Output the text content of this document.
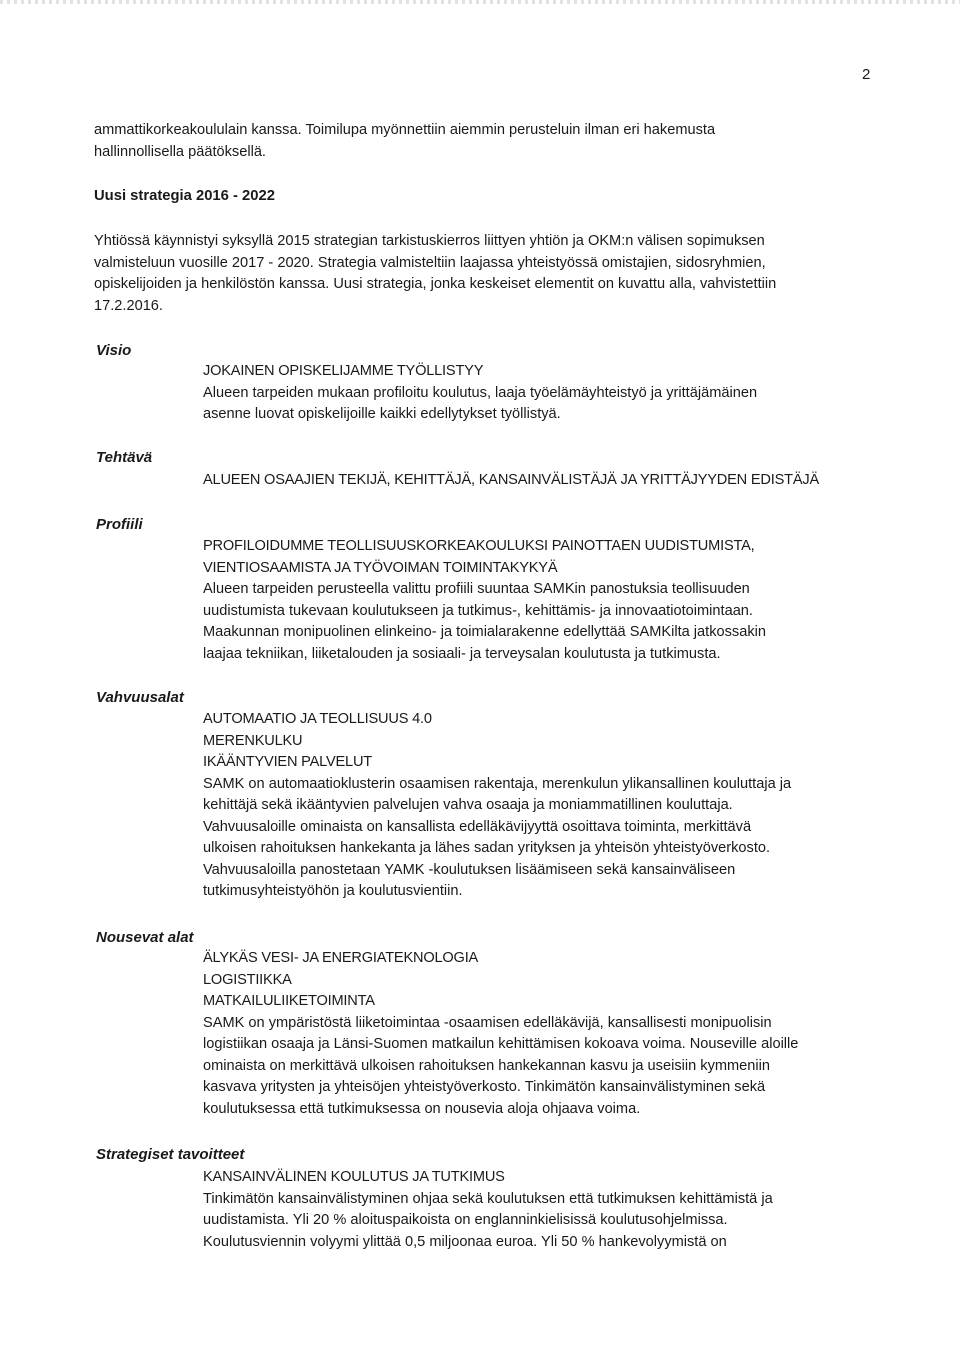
2

ammattikorkeakoululain kanssa. Toimilupa myönnettiin aiemmin perusteluin ilman eri hakemusta

hallinnollisella päätöksellä.

Uusi strategia 2016 - 2022

Yhtiössä käynnistyi syksyllä 2015 strategian tarkistuskierros liittyen yhtiön ja OKM:n välisen sopimuksen

valmisteluun vuosille 2017 - 2020. Strategia valmisteltiin laajassa yhteistyössä omistajien, sidosryhmien,

opiskelijoiden ja henkilöstön kanssa. Uusi strategia, jonka keskeiset elementit on kuvattu alla, vahvistettiin

17.2.2016.

Visio

JOKAINEN OPISKELIJAMME TYÖLLISTYY

Alueen tarpeiden mukaan profiloitu koulutus, laaja työelämäyhteistyö ja yrittäjämäinen

asenne luovat opiskelijoille kaikki edellytykset työllistyä.

Tehtävä

ALUEEN OSAAJIEN TEKIJÄ, KEHITTÄJÄ, KANSAINVÄLISTÄJÄ JA YRITTÄJYYDEN EDISTÄJÄ

Profiili

PROFILOIDUMME TEOLLISUUSKORKEAKOULUKSI PAINOTTAEN UUDISTUMISTA,

VIENTIOSAAMISTA JA TYÖVOIMAN TOIMINTAKYKYÄ

Alueen tarpeiden perusteella valittu profiili suuntaa SAMKin panostuksia teollisuuden

uudistumista tukevaan koulutukseen ja tutkimus-, kehittämis- ja innovaatiotoimintaan.

Maakunnan monipuolinen elinkeino- ja toimialarakenne edellyttää SAMKilta jatkossakin

laajaa tekniikan, liiketalouden ja sosiaali- ja terveysalan koulutusta ja tutkimusta.

Vahvuusalat

AUTOMAATIO JA TEOLLISUUS 4.0

MERENKULKU

IKÄÄNTYVIEN PALVELUT

SAMK on automaatioklusterin osaamisen rakentaja, merenkulun ylikansallinen kouluttaja ja

kehittäjä sekä ikääntyvien palvelujen vahva osaaja ja moniammatillinen kouluttaja.

Vahvuusaloille ominaista on kansallista edelläkävijyyttä osoittava toiminta, merkittävä

ulkoisen rahoituksen hankekanta ja lähes sadan yrityksen ja yhteisön yhteistyöverkosto.

Vahvuusaloilla panostetaan YAMK -koulutuksen lisäämiseen sekä kansainväliseen

tutkimusyhteistyöhön ja koulutusvientiin.

Nousevat alat

ÄLYKÄS VESI- JA ENERGIATEKNOLOGIA

LOGISTIIKKA

MATKAILULIIKETOIMINTA

SAMK on ympäristöstä liiketoimintaa -osaamisen edelläkävijä, kansallisesti monipuolisin

logistiikan osaaja ja Länsi-Suomen matkailun kehittämisen kokoava voima. Nouseville aloille

ominaista on merkittävä ulkoisen rahoituksen hankekannan kasvu ja useisiin kymmeniin

kasvava yritysten ja yhteisöjen yhteistyöverkosto. Tinkimätön kansainvälistyminen sekä

koulutuksessa että tutkimuksessa on nousevia aloja ohjaava voima.

Strategiset tavoitteet

KANSAINVÄLINEN KOULUTUS JA TUTKIMUS

Tinkimätön kansainvälistyminen ohjaa sekä koulutuksen että tutkimuksen kehittämistä ja

uudistamista. Yli 20 % aloituspaikoista on englanninkielisissä koulutusohjelmissa.

Koulutusviennin volyymi ylittää 0,5 miljoonaa euroa. Yli 50 % hankevolyymistä on
